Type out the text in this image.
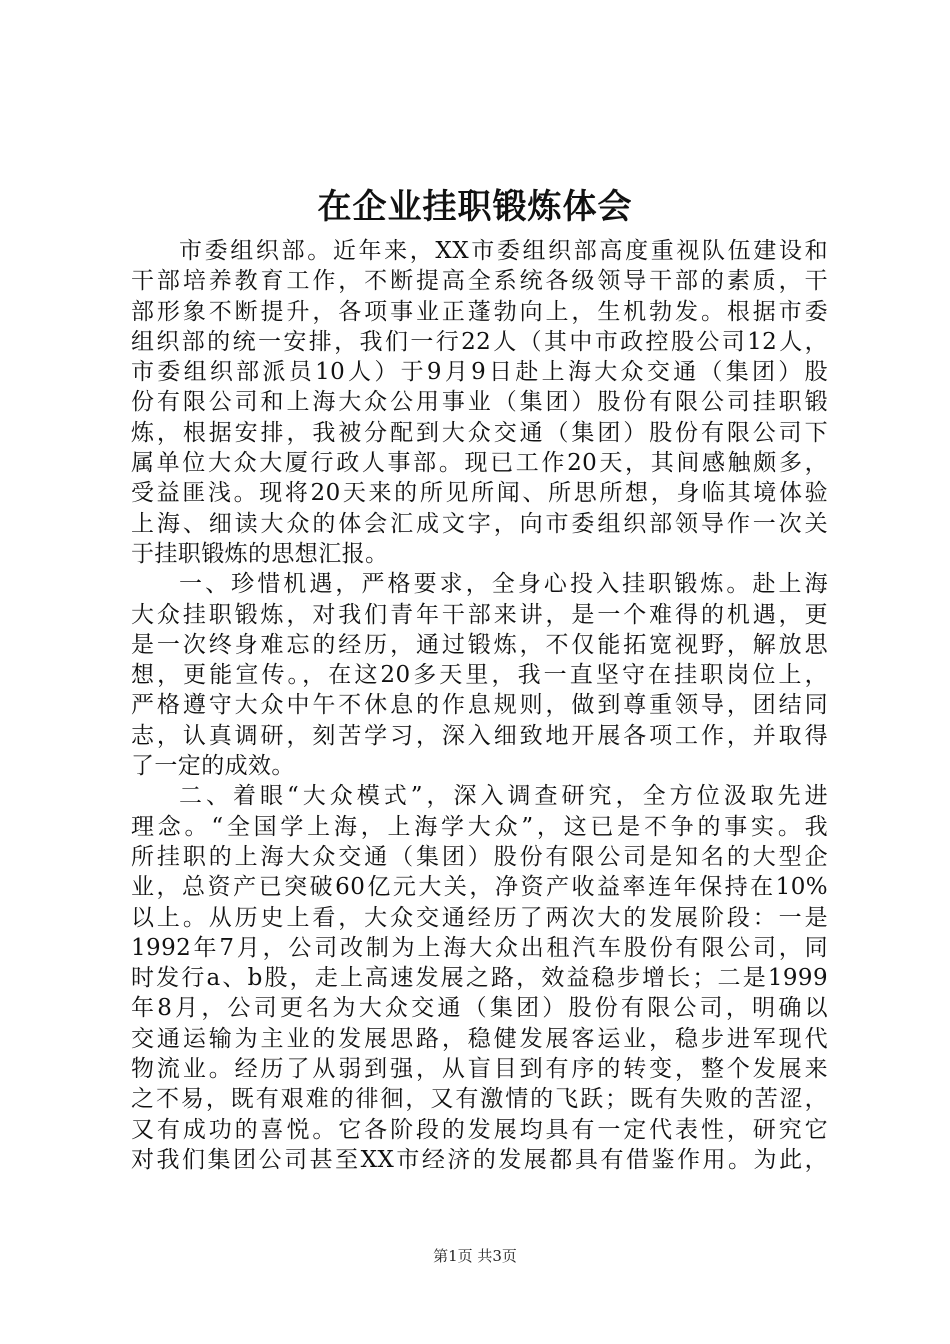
在企业挂职锻炼体会
市委组织部。近年来，XX市委组织部高度重视队伍建设和
干部培养教育工作，不断提高全系统各级领导干部的素质，干
部形象不断提升，各项事业正蓬勃向上，生机勃发。根据市委
组织部的统一安排，我们一行22人（其中市政控股公司12人，
市委组织部派员10人）于9月9日赴上海大众交通（集团）股
份有限公司和上海大众公用事业（集团）股份有限公司挂职锻
炼，根据安排，我被分配到大众交通（集团）股份有限公司下
属单位大众大厦行政人事部。现已工作20天，其间感触颇多，
受益匪浅。现将20天来的所见所闻、所思所想，身临其境体验
上海、细读大众的体会汇成文字，向市委组织部领导作一次关
于挂职锻炼的思想汇报。
一、珍惜机遇，严格要求，全身心投入挂职锻炼。赴上海
大众挂职锻炼，对我们青年干部来讲，是一个难得的机遇，更
是一次终身难忘的经历，通过锻炼，不仅能拓宽视野，解放思
想，更能宣传。，在这20多天里，我一直坚守在挂职岗位上，
严格遵守大众中午不休息的作息规则，做到尊重领导，团结同
志，认真调研，刻苦学习，深入细致地开展各项工作，并取得
了一定的成效。
二、着眼“大众模式”，深入调查研究，全方位汲取先进
理念。“全国学上海，上海学大众”，这已是不争的事实。我
所挂职的上海大众交通（集团）股份有限公司是知名的大型企
业，总资产已突破60亿元大关，净资产收益率连年保持在10%
以上。从历史上看，大众交通经历了两次大的发展阶段：一是
1992年7月，公司改制为上海大众出租汽车股份有限公司，同
时发行a、b股，走上高速发展之路，效益稳步增长；二是1999
年8月，公司更名为大众交通（集团）股份有限公司，明确以
交通运输为主业的发展思路，稳健发展客运业，稳步进军现代
物流业。经历了从弱到强，从盲目到有序的转变，整个发展来
之不易，既有艰难的徘徊，又有激情的飞跃；既有失败的苦涩，
又有成功的喜悦。它各阶段的发展均具有一定代表性，研究它
对我们集团公司甚至XX市经济的发展都具有借鉴作用。为此，
第1页 共3页
